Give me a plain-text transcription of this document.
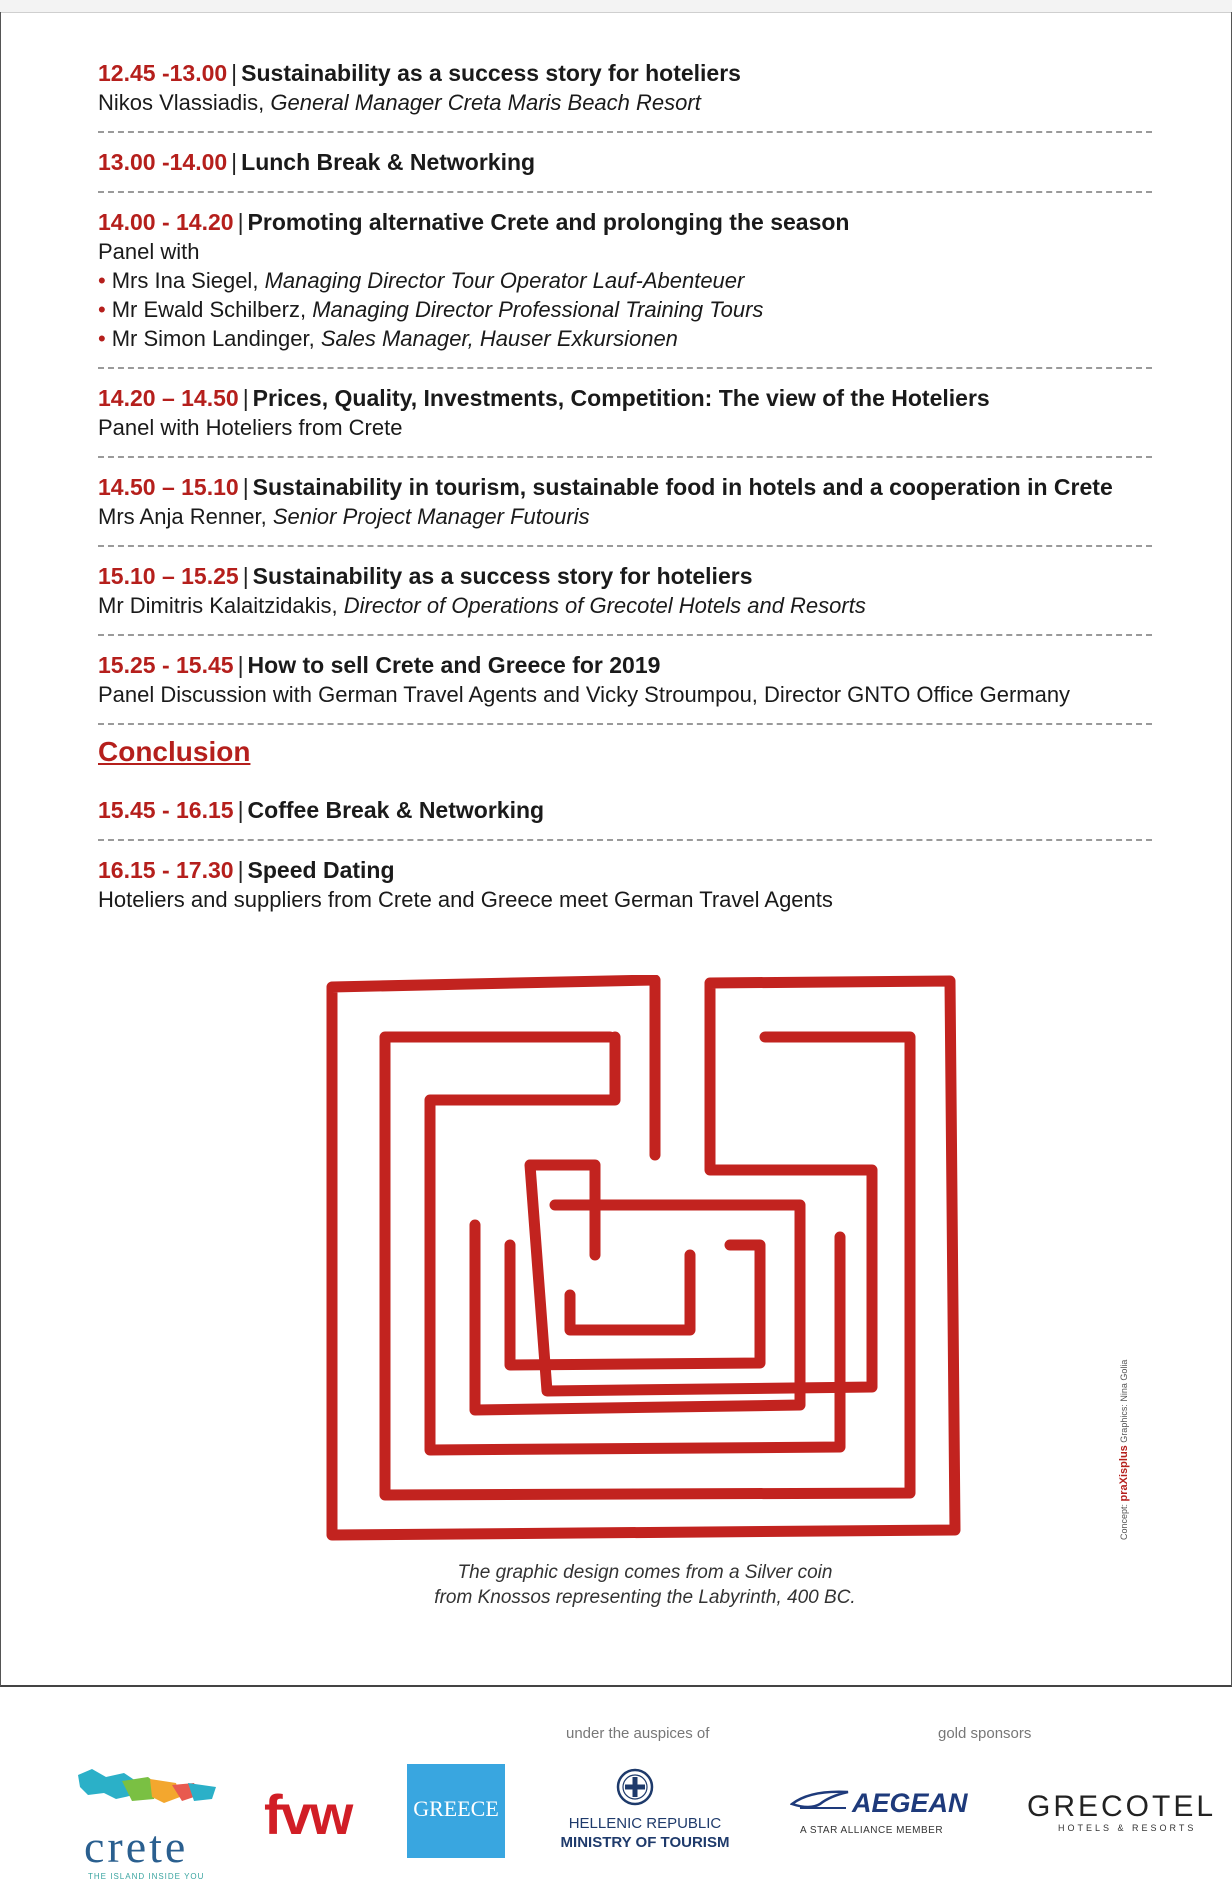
12.45 -13.00 | Sustainability as a success story for hoteliers
Nikos Vlassiadis, General Manager Creta Maris Beach Resort
13.00 -14.00 | Lunch Break & Networking
14.00 - 14.20 | Promoting alternative Crete and prolonging the season
Panel with
• Mrs Ina Siegel, Managing Director Tour Operator Lauf-Abenteuer
• Mr Ewald Schilberz, Managing Director Professional Training Tours
• Mr Simon Landinger, Sales Manager, Hauser Exkursionen
14.20 – 14.50 | Prices, Quality, Investments, Competition: The view of the Hoteliers
Panel with Hoteliers from Crete
14.50 – 15.10 | Sustainability in tourism, sustainable food in hotels and a cooperation in Crete
Mrs Anja Renner, Senior Project Manager Futouris
15.10 – 15.25 | Sustainability as a success story for hoteliers
Mr Dimitris Kalaitzidakis, Director of Operations of Grecotel Hotels and Resorts
15.25 - 15.45 | How to sell Crete and Greece for 2019
Panel Discussion with German Travel Agents and Vicky Stroumpou, Director GNTO Office Germany
Conclusion
15.45 - 16.15 | Coffee Break & Networking
16.15 - 17.30 | Speed Dating
Hoteliers and suppliers from Crete and Greece meet German Travel Agents
The graphic design comes from a Silver coin
from Knossos representing the Labyrinth, 400 BC.
Concept: praXisplus Graphics: Nina Golia
under the auspices of	gold sponsors
crete
THE ISLAND INSIDE YOU
fvw	GREECE
HELLENIC REPUBLIC
MINISTRY OF TOURISM
AEGEAN
A STAR ALLIANCE MEMBER
GRECOTEL
HOTELS & RESORTS
